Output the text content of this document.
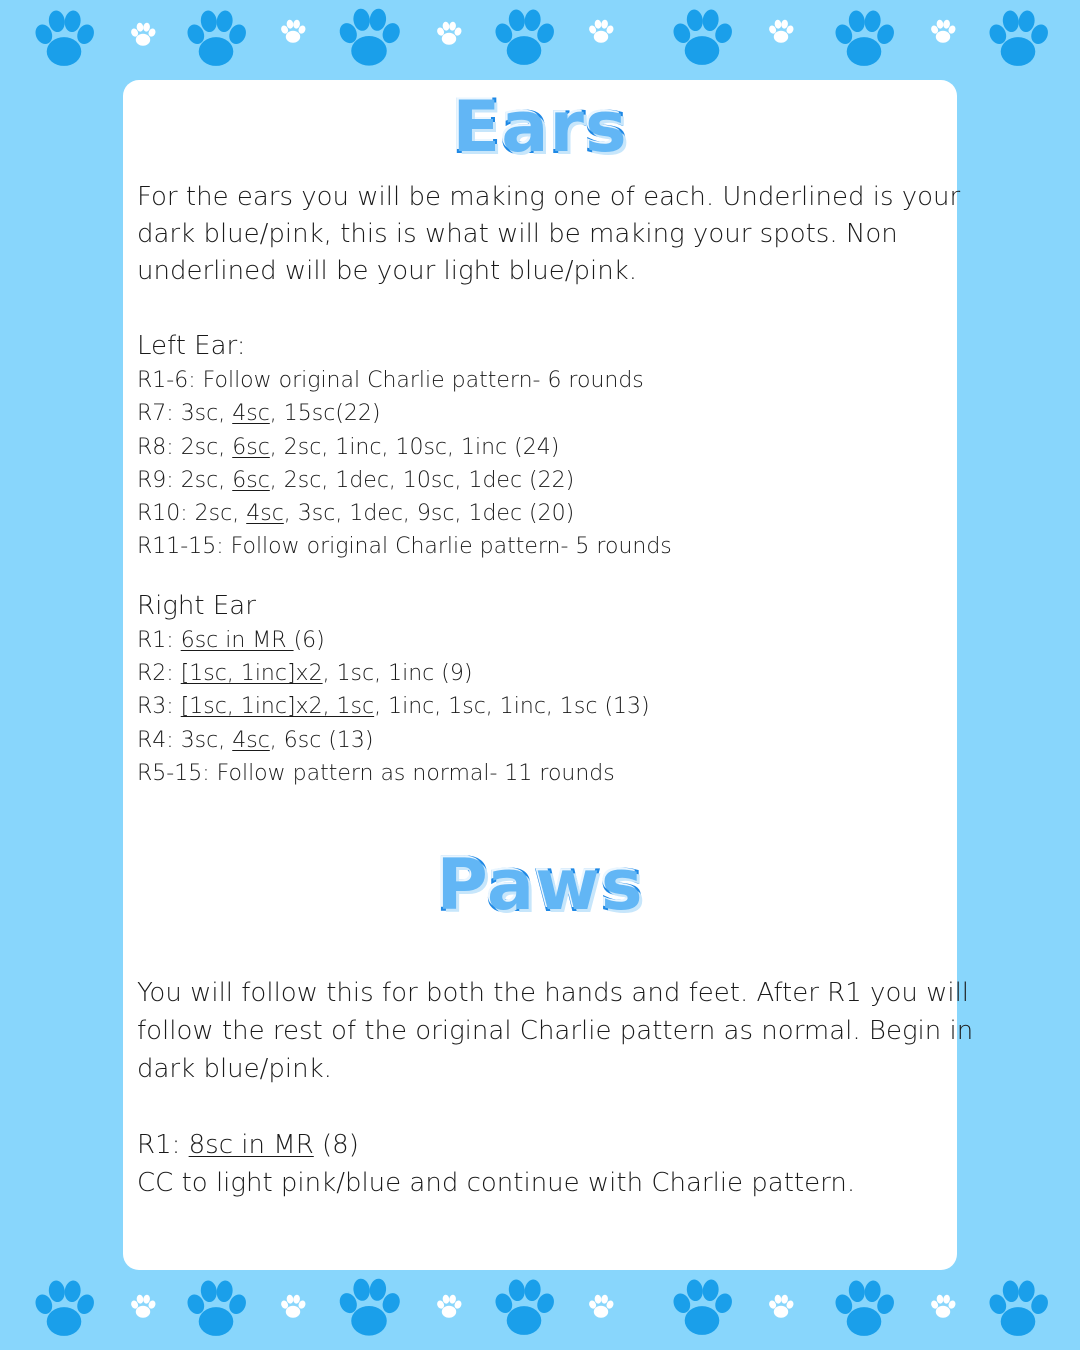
Ears
Paws
For the ears you will be making one of each. Underlined is your
dark blue/pink, this is what will be making your spots. Non
underlined will be your light blue/pink.
Left Ear:
R1-6: Follow original Charlie pattern- 6 rounds
R7: 3sc, 4sc, 15sc(22)
R8: 2sc, 6sc, 2sc, 1inc, 10sc, 1inc (24)
R9: 2sc, 6sc, 2sc, 1dec, 10sc, 1dec (22)
R10: 2sc, 4sc, 3sc, 1dec, 9sc, 1dec (20)
R11-15: Follow original Charlie pattern- 5 rounds
Right Ear
R1: 6sc in MR (6)
R2: [1sc, 1inc]x2, 1sc, 1inc (9)
R3: [1sc, 1inc]x2, 1sc, 1inc, 1sc, 1inc, 1sc (13)
R4: 3sc, 4sc, 6sc (13)
R5-15: Follow pattern as normal- 11 rounds
You will follow this for both the hands and feet. After R1 you will
follow the rest of the original Charlie pattern as normal. Begin in
dark blue/pink.
R1: 8sc in MR (8)
CC to light pink/blue and continue with Charlie pattern.
